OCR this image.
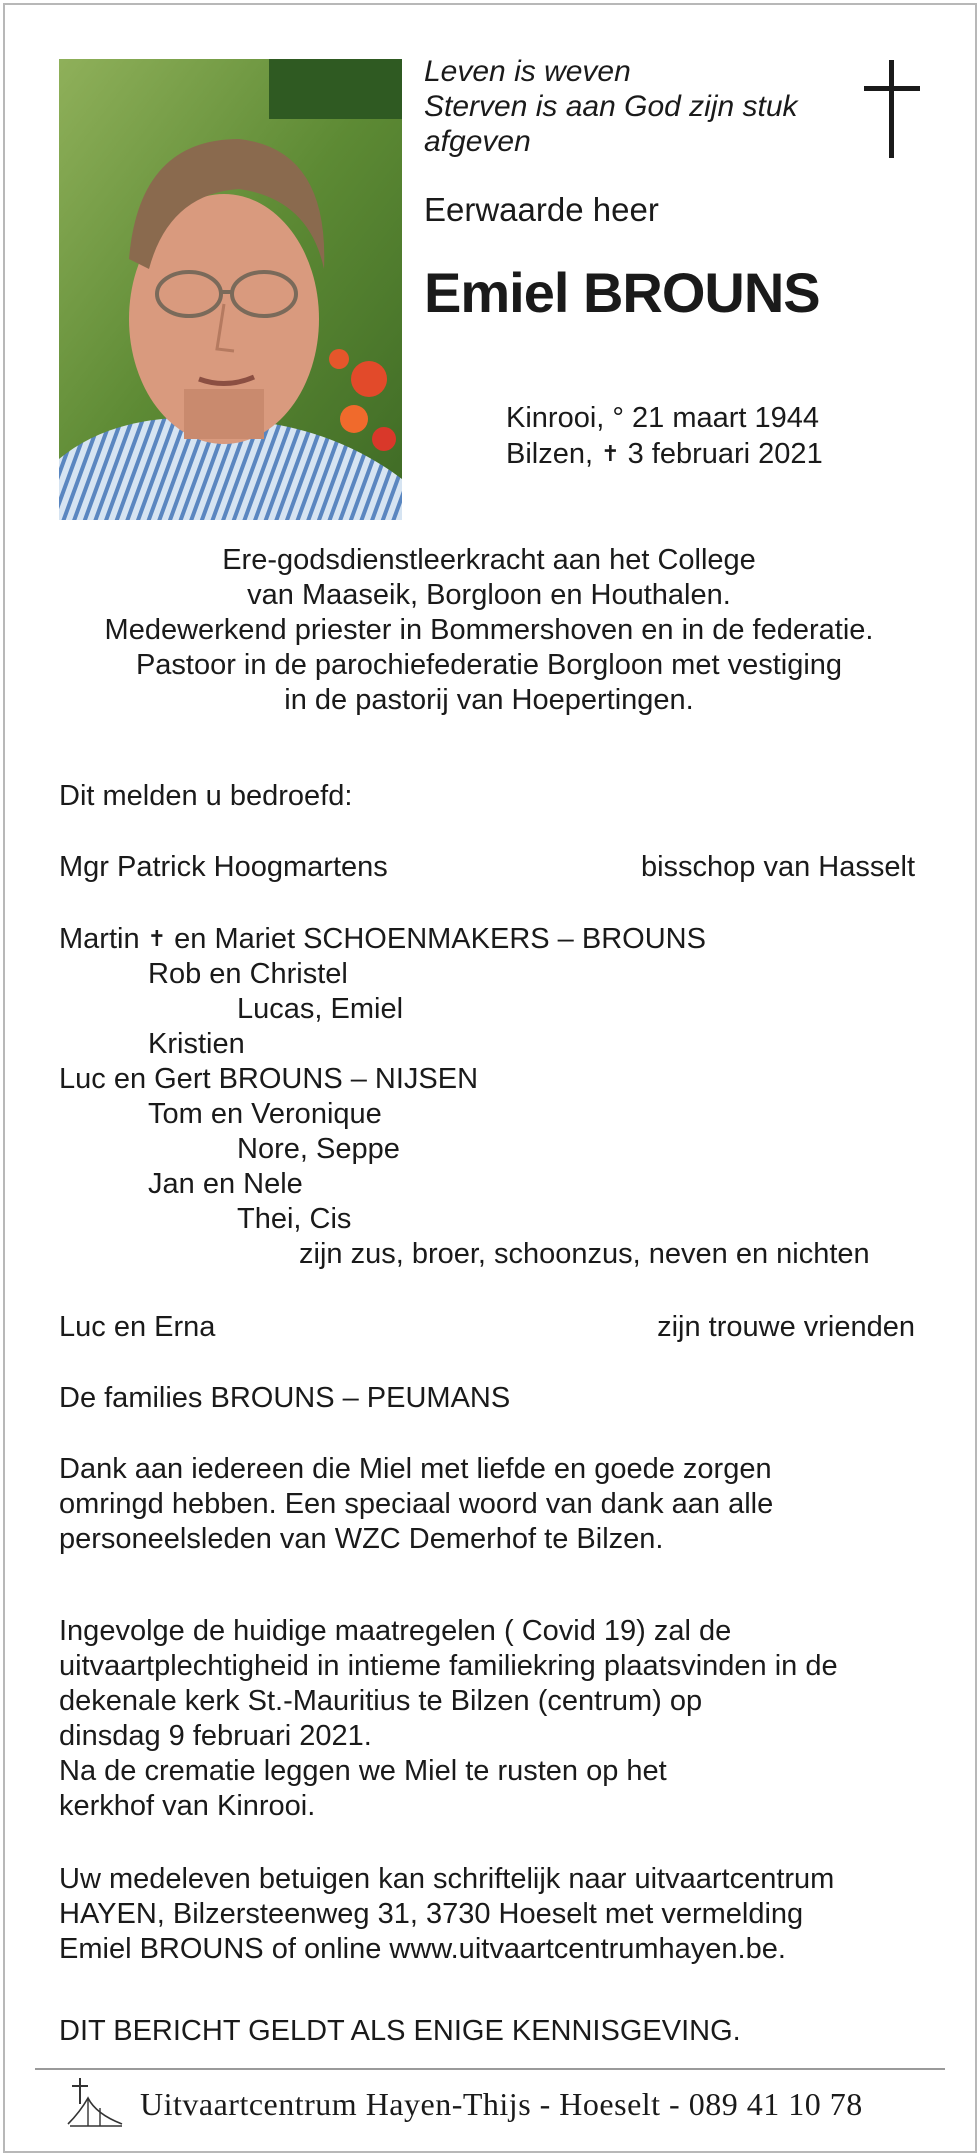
Leven is weven
Sterven is aan God zijn stuk
afgeven
Eerwaarde heer
Emiel BROUNS
Kinrooi, ° 21 maart 1944
Bilzen, ✝ 3 februari 2021
Ere-godsdienstleerkracht aan het College
van Maaseik, Borgloon en Houthalen.
Medewerkend priester in Bommershoven en in de federatie.
Pastoor in de parochiefederatie Borgloon met vestiging
in de pastorij van Hoepertingen.
Dit melden u bedroefd:
Mgr Patrick Hoogmartens	bisschop van Hasselt
Martin ✝ en Mariet SCHOENMAKERS – BROUNS
Rob en Christel
Lucas, Emiel
Kristien
Luc en Gert BROUNS – NIJSEN
Tom en Veronique
Nore, Seppe
Jan en Nele
Thei, Cis
zijn zus, broer, schoonzus, neven en nichten
Luc en Erna	zijn trouwe vrienden
De families BROUNS – PEUMANS
Dank aan iedereen die Miel met liefde en goede zorgen
omringd hebben. Een speciaal woord van dank aan alle
personeelsleden van WZC Demerhof te Bilzen.
Ingevolge de huidige maatregelen ( Covid 19) zal de
uitvaartplechtigheid in intieme familiekring plaatsvinden in de
dekenale kerk St.-Mauritius te Bilzen (centrum) op
dinsdag 9 februari 2021.
Na de crematie leggen we Miel te rusten op het
kerkhof van Kinrooi.
Uw medeleven betuigen kan schriftelijk naar uitvaartcentrum
HAYEN, Bilzersteenweg 31, 3730 Hoeselt met vermelding
Emiel BROUNS of online www.uitvaartcentrumhayen.be.
DIT BERICHT GELDT ALS ENIGE KENNISGEVING.
Uitvaartcentrum Hayen-Thijs - Hoeselt - 089 41 10 78
